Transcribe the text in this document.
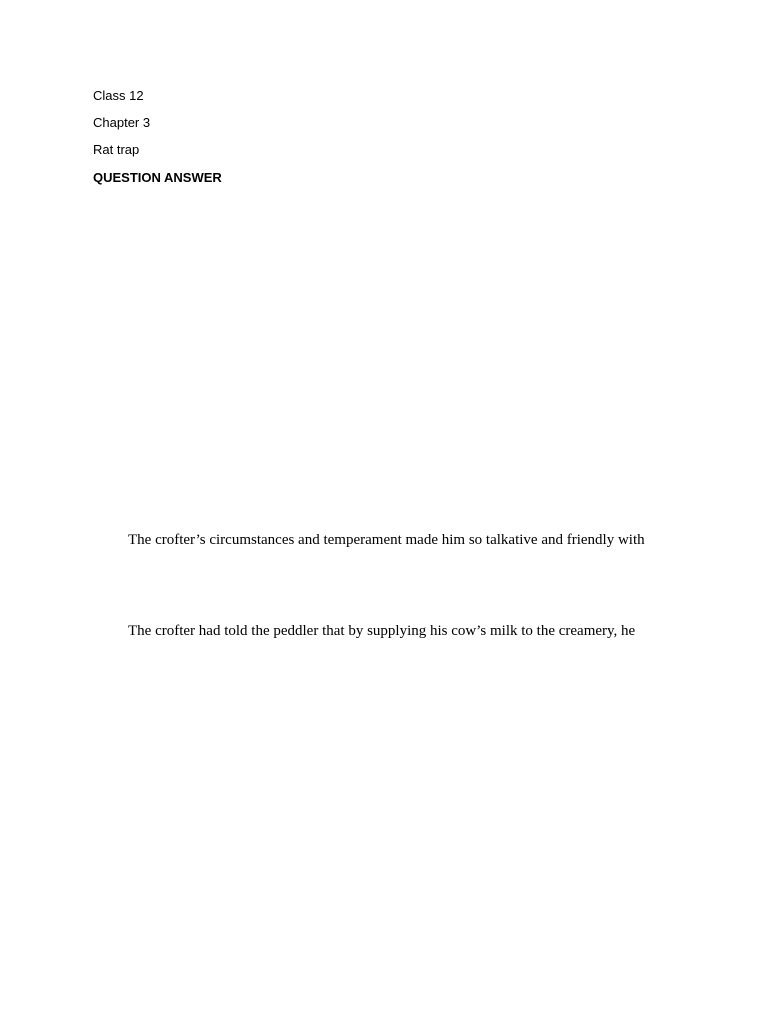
Class 12
Chapter 3
Rat trap
QUESTION ANSWER
The crofter’s circumstances and temperament made him so talkative and friendly with
The crofter had told the peddler that by supplying his cow’s milk to the creamery, he
